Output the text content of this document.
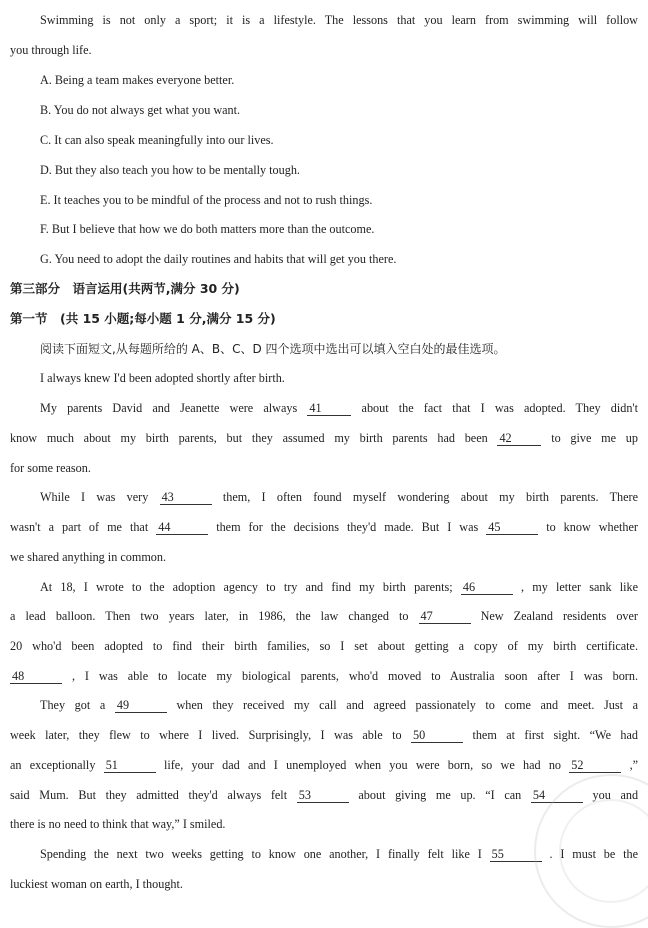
Swimming is not only a sport; it is a lifestyle. The lessons that you learn from swimming will follow
you through life.
A. Being a team makes everyone better.
B. You do not always get what you want.
C. It can also speak meaningfully into our lives.
D. But they also teach you how to be mentally tough.
E. It teaches you to be mindful of the process and not to rush things.
F. But I believe that how we do both matters more than the outcome.
G. You need to adopt the daily routines and habits that will get you there.
第三部分　语言运用(共两节,满分 30 分)
第一节　(共 15 小题;每小题 1 分,满分 15 分)
阅读下面短文,从每题所给的 A、B、C、D 四个选项中选出可以填入空白处的最佳选项。
I always knew I'd been adopted shortly after birth.
My parents David and Jeanette were always 41	about the fact that I was adopted. They didn't
know much about my birth parents, but they assumed my birth parents had been 42	to give me up
for some reason.
While I was very 43	them, I often found myself wondering about my birth parents. There
wasn't a part of me that 44	them for the decisions they'd made. But I was 45	to know whether
we shared anything in common.
At 18, I wrote to the adoption agency to try and find my birth parents; 46	, my letter sank like
a lead balloon. Then two years later, in 1986, the law changed to 47	New Zealand residents over
20 who'd been adopted to find their birth families, so I set about getting a copy of my birth certificate.
48	, I was able to locate my biological parents, who'd moved to Australia soon after I was born.
They got a 49	when they received my call and agreed passionately to come and meet. Just a
week later, they flew to where I lived. Surprisingly, I was able to 50	them at first sight. “We had
an exceptionally 51	life, your dad and I unemployed when you were born, so we had no 52	,”
said Mum. But they admitted they'd always felt 53	about giving me up. “I can 54	you and
there is no need to think that way,” I smiled.
Spending the next two weeks getting to know one another, I finally felt like I 55	. I must be the
luckiest woman on earth, I thought.
